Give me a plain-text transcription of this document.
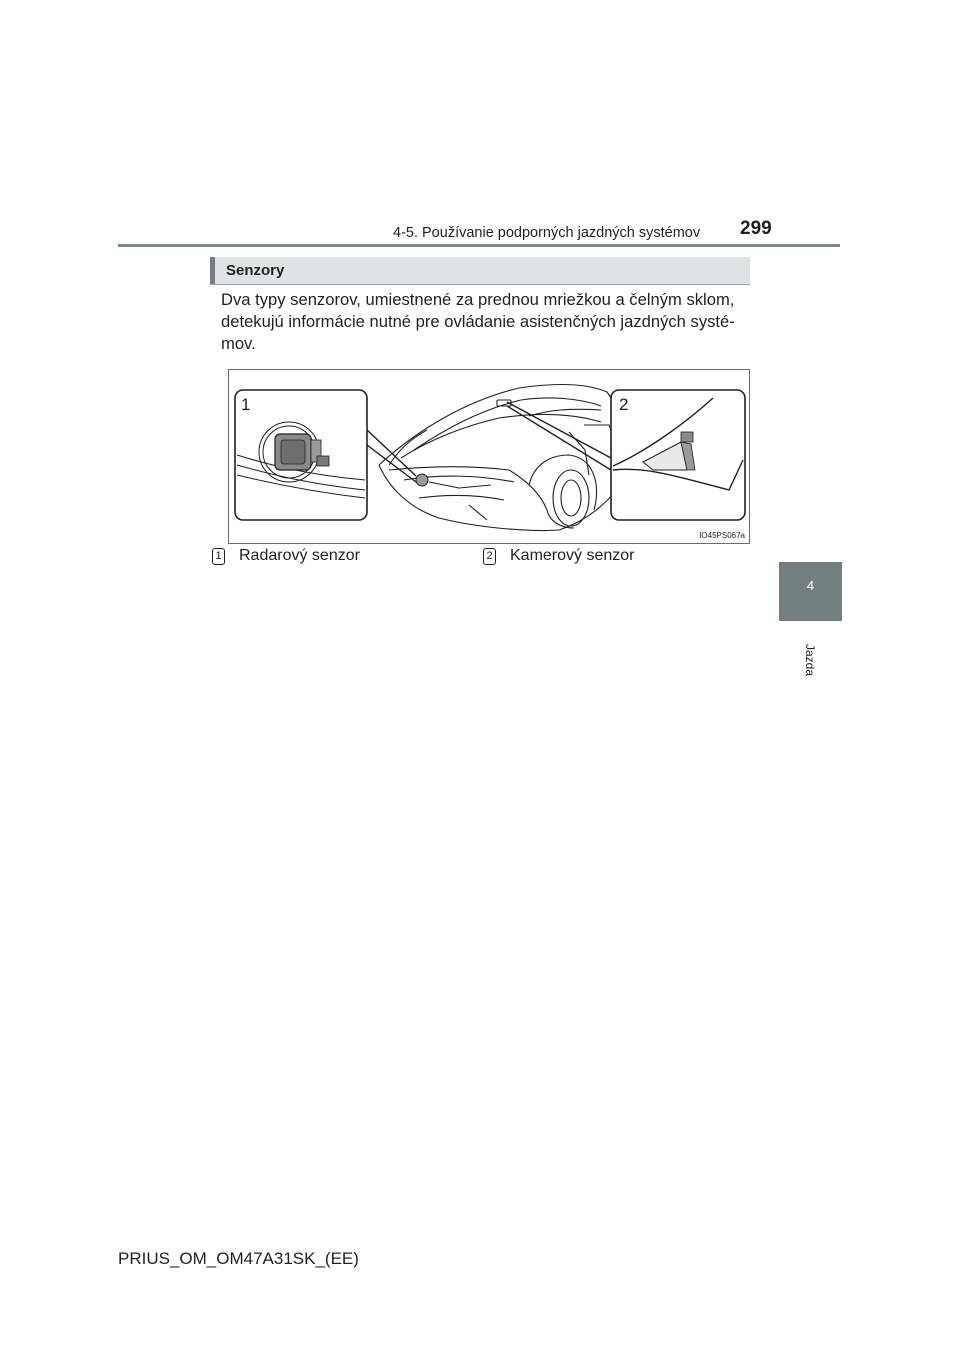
4-5. Používanie podporných jazdných systémov 299
4
Jazda
Senzory

Dva typy senzorov, umiestnené za prednou mriežkou a čelným sklom, detekujú informácie nutné pre ovládanie asistenčných jazdných systé-mov.

1	2
IO45PS067a
1 Radarový senzor	2 Kamerový senzor
PRIUS_OM_OM47A31SK_(EE)
